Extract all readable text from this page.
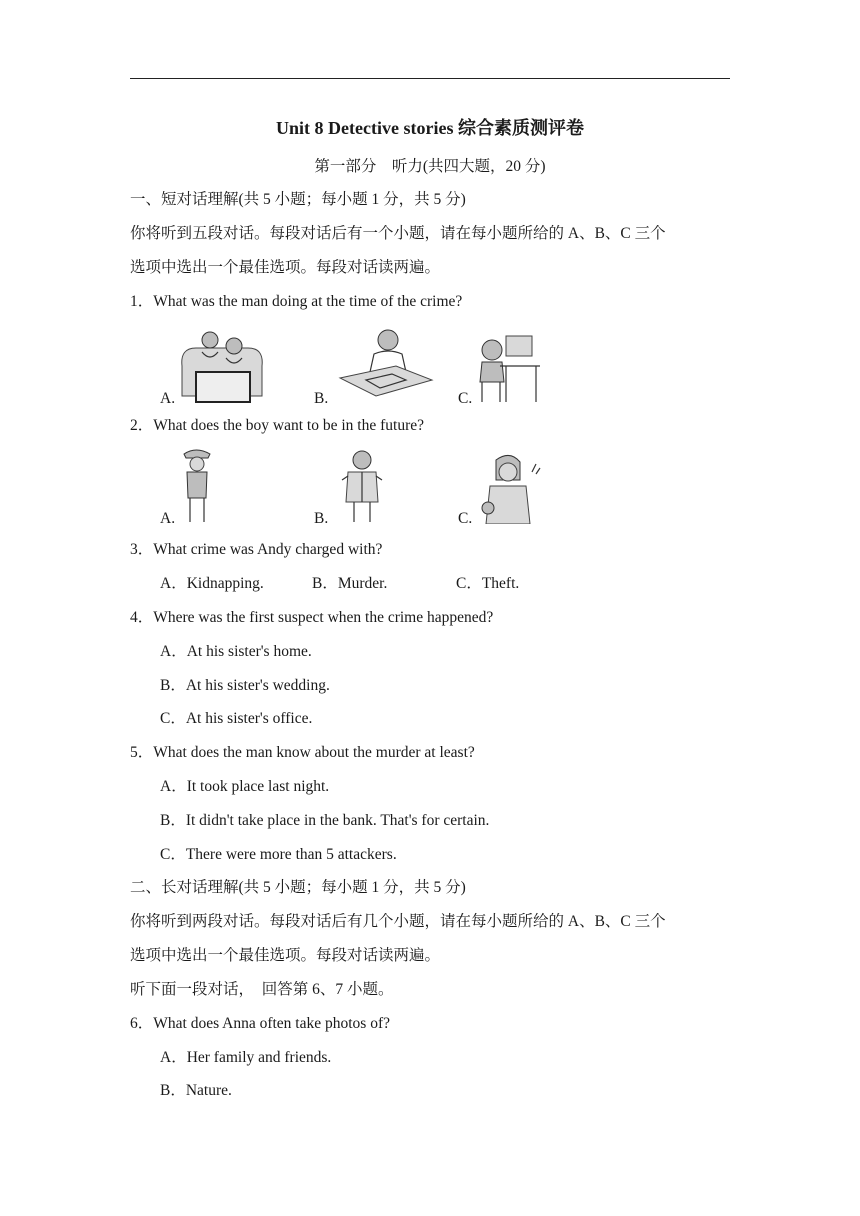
Unit 8 Detective stories 综合素质测评卷
第一部分　听力(共四大题，20 分)
一、短对话理解(共 5 小题；每小题 1 分，共 5 分)
你将听到五段对话。每段对话后有一个小题，请在每小题所给的 A、B、C 三个
选项中选出一个最佳选项。每段对话读两遍。
1．What was the man doing at the time of the crime?
A.	B.	C.
2．What does the boy want to be in the future?
A.	B.	C.
3．What crime was Andy charged with?
A．Kidnapping.	B．Murder.	C．Theft.
4．Where was the first suspect when the crime happened?
A．At his sister's home.
B．At his sister's wedding.
C．At his sister's office.
5．What does the man know about the murder at least?
A．It took place last night.
B．It didn't take place in the bank. That's for certain.
C．There were more than 5 attackers.
二、长对话理解(共 5 小题；每小题 1 分，共 5 分)
你将听到两段对话。每段对话后有几个小题，请在每小题所给的 A、B、C 三个
选项中选出一个最佳选项。每段对话读两遍。
听下面一段对话，　回答第 6、7 小题。
6．What does Anna often take photos of?
A．Her family and friends.
B．Nature.
